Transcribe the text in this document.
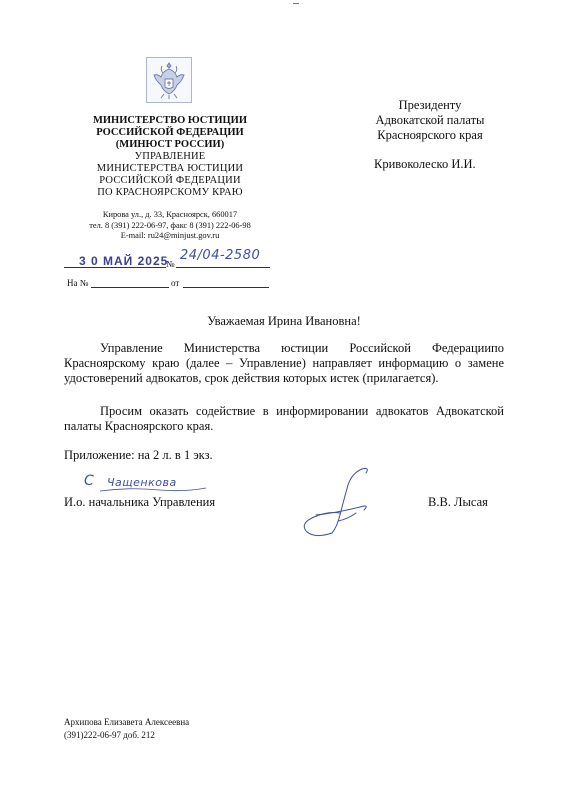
МИНИСТЕРСТВО ЮСТИЦИИ
РОССИЙСКОЙ ФЕДЕРАЦИИ
(МИНЮСТ РОССИИ)
УПРАВЛЕНИЕ
МИНИСТЕРСТВА ЮСТИЦИИ
РОССИЙСКОЙ ФЕДЕРАЦИИ
ПО КРАСНОЯРСКОМУ КРАЮ
Кирова ул., д. 33, Красноярск, 660017
тел. 8 (391) 222-06-97, факс 8 (391) 222-06-98
E-mail: ru24@minjust.gov.ru
Президенту
Адвокатской палаты
Красноярского края
Кривоколеско И.И.
3 0 МАЙ 2025
№
24/04-2580
На №	от
Уважаемая Ирина Ивановна!
Управление Министерства юстиции Российской Федерациипо Красноярскому краю (далее – Управление) направляет информацию о замене удостоверений адвокатов, срок действия которых истек (прилагается).
Просим оказать содействие в информировании адвокатов Адвокатской палаты Красноярского края.
Приложение: на 2 л. в 1 экз.
С Чащенкова
И.о. начальника Управления	В.В. Лысая
Архипова Елизавета Алексеевна
(391)222-06-97 доб. 212
